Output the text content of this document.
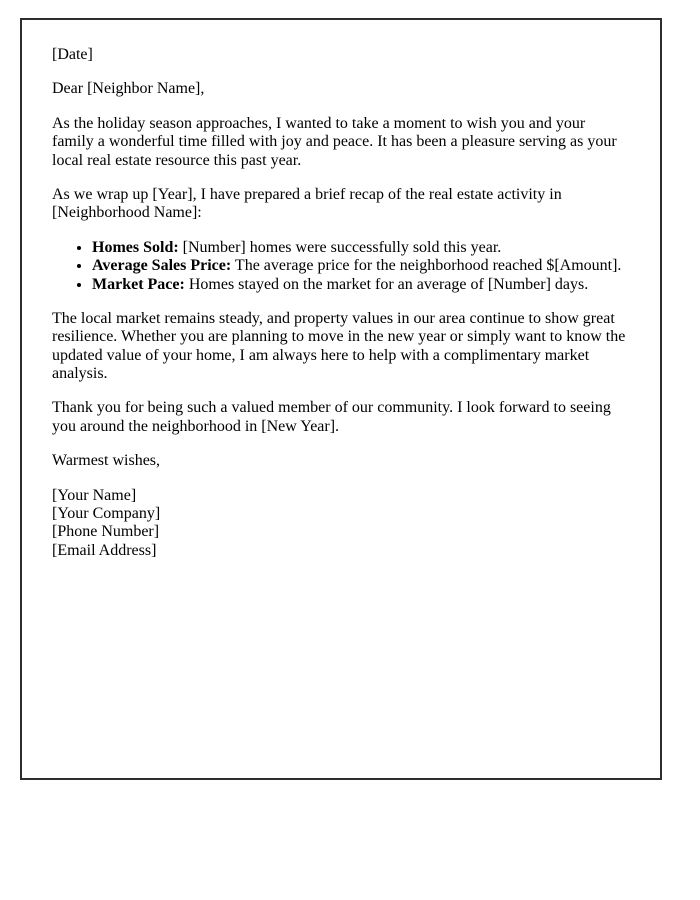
[Date]

Dear [Neighbor Name],

As the holiday season approaches, I wanted to take a moment to wish you and your family a wonderful time filled with joy and peace. It has been a pleasure serving as your local real estate resource this past year.

As we wrap up [Year], I have prepared a brief recap of the real estate activity in [Neighborhood Name]:

• Homes Sold: [Number] homes were successfully sold this year.
• Average Sales Price: The average price for the neighborhood reached $[Amount].
• Market Pace: Homes stayed on the market for an average of [Number] days.

The local market remains steady, and property values in our area continue to show great resilience. Whether you are planning to move in the new year or simply want to know the updated value of your home, I am always here to help with a complimentary market analysis.

Thank you for being such a valued member of our community. I look forward to seeing you around the neighborhood in [New Year].

Warmest wishes,

[Your Name]
[Your Company]
[Phone Number]
[Email Address]
